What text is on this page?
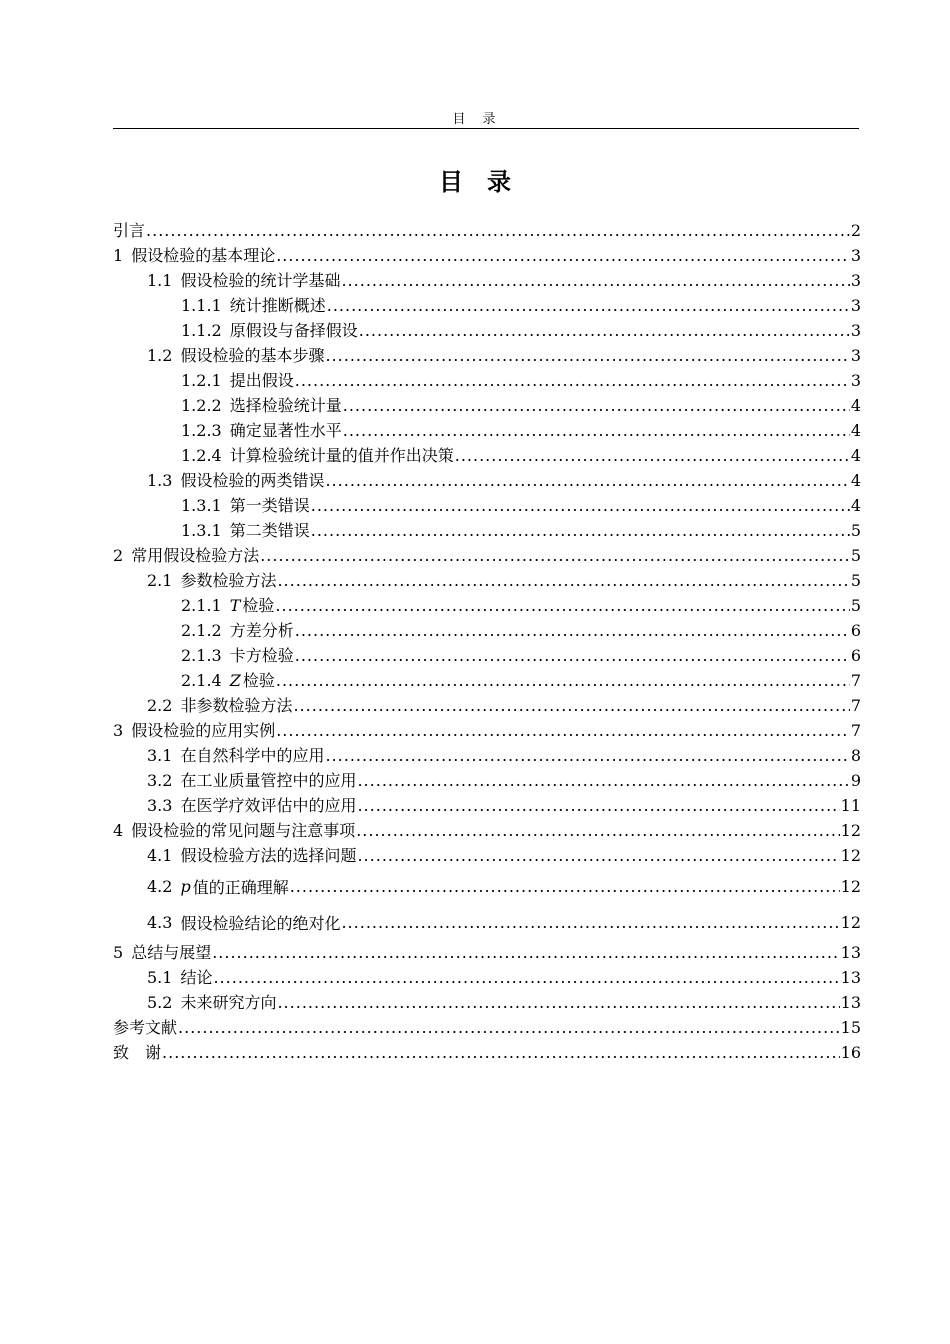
目　录
目　录
引言 .....	2
1 假设检验的基本理论 .....	3
1.1 假设检验的统计学基础 .....	3
1.1.1 统计推断概述 .....	3
1.1.2 原假设与备择假设 .....	3
1.2 假设检验的基本步骤 .....	3
1.2.1 提出假设 .....	3
1.2.2 选择检验统计量 .....	4
1.2.3 确定显著性水平 .....	4
1.2.4 计算检验统计量的值并作出决策 .....	4
1.3 假设检验的两类错误 .....	4
1.3.1 第一类错误 .....	4
1.3.1 第二类错误 .....	5
2 常用假设检验方法 .....	5
2.1 参数检验方法 .....	5
2.1.1 T 检验 .....	5
2.1.2 方差分析 .....	6
2.1.3 卡方检验 .....	6
2.1.4 Z 检验 .....	7
2.2 非参数检验方法 .....	7
3 假设检验的应用实例 .....	7
3.1 在自然科学中的应用 .....	8
3.2 在工业质量管控中的应用 .....	9
3.3 在医学疗效评估中的应用 .....	11
4 假设检验的常见问题与注意事项 .....	12
4.1 假设检验方法的选择问题 .....	12
4.2 p 值的正确理解 .....	12
4.3 假设检验结论的绝对化 .....	12
5 总结与展望 .....	13
5.1 结论 .....	13
5.2 未来研究方向 .....	13
参考文献 .....	15
致　谢 .....	16
